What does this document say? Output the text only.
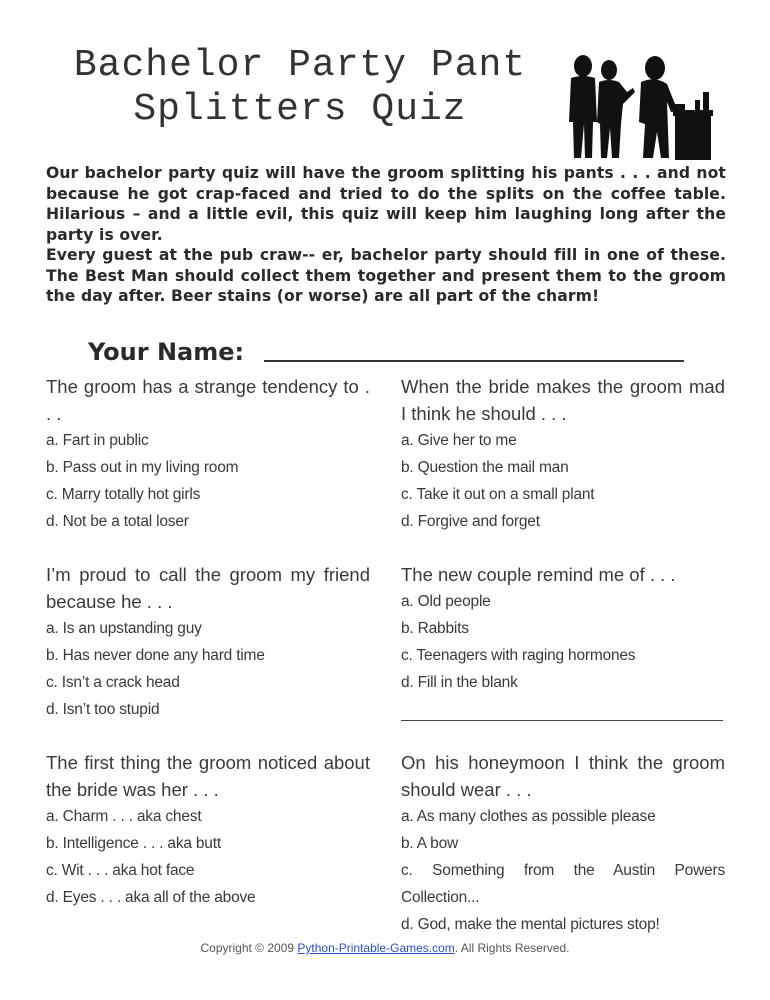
Bachelor Party Pant
Splitters Quiz

Our bachelor party quiz will have the groom splitting his pants . . . and not because he got crap-faced and tried to do the splits on the coffee table. Hilarious – and a little evil, this quiz will keep him laughing long after the party is over.

Every guest at the pub craw-- er, bachelor party should fill in one of these. The Best Man should collect them together and present them to the groom the day after. Beer stains (or worse) are all part of the charm!

Your Name:
The groom has a strange tendency to . . .
a. Fart in public
b. Pass out in my living room
c. Marry totally hot girls
d. Not be a total loser
When the bride makes the groom mad I think he should . . .
a. Give her to me
b. Question the mail man
c. Take it out on a small plant
d. Forgive and forget
I’m proud to call the groom my friend because he . . .
a. Is an upstanding guy
b. Has never done any hard time
c. Isn’t a crack head
d. Isn’t too stupid
The new couple remind me of . . .
a. Old people
b. Rabbits
c. Teenagers with raging hormones
d. Fill in the blank
The first thing the groom noticed about the bride was her . . .
a. Charm . . . aka chest
b. Intelligence . . . aka butt
c. Wit . . . aka hot face
d. Eyes . . . aka all of the above
On his honeymoon I think the groom should wear . . .
a. As many clothes as possible please
b. A bow
c. Something from the Austin Powers Collection...
d. God, make the mental pictures stop!
Copyright © 2009 Python-Printable-Games.com. All Rights Reserved.
